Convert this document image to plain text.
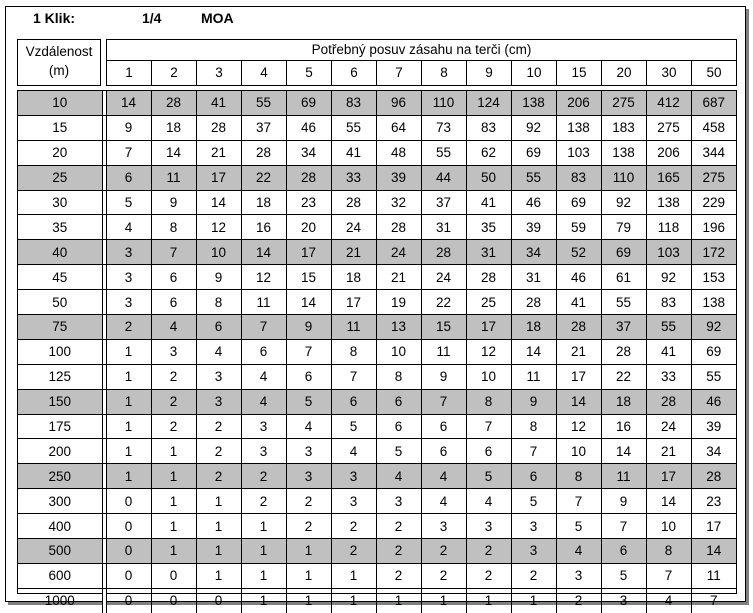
1 Klik:	1/4	MOA
Vzdálenost
(m)
Potřebný posuv zásahu na terči (cm)
1	2	3	4	5	6	7	8	9	10	15	20	30	50
10		14	28	41	55	69	83	96	110	124	138	206	275	412	687
15		9	18	28	37	46	55	64	73	83	92	138	183	275	458
20		7	14	21	28	34	41	48	55	62	69	103	138	206	344
25		6	11	17	22	28	33	39	44	50	55	83	110	165	275
30		5	9	14	18	23	28	32	37	41	46	69	92	138	229
35		4	8	12	16	20	24	28	31	35	39	59	79	118	196
40		3	7	10	14	17	21	24	28	31	34	52	69	103	172
45		3	6	9	12	15	18	21	24	28	31	46	61	92	153
50		3	6	8	11	14	17	19	22	25	28	41	55	83	138
75		2	4	6	7	9	11	13	15	17	18	28	37	55	92
100		1	3	4	6	7	8	10	11	12	14	21	28	41	69
125		1	2	3	4	6	7	8	9	10	11	17	22	33	55
150		1	2	3	4	5	6	6	7	8	9	14	18	28	46
175		1	2	2	3	4	5	6	6	7	8	12	16	24	39
200		1	1	2	3	3	4	5	6	6	7	10	14	21	34
250		1	1	2	2	3	3	4	4	5	6	8	11	17	28
300		0	1	1	2	2	3	3	4	4	5	7	9	14	23
400		0	1	1	1	2	2	2	3	3	3	5	7	10	17
500		0	1	1	1	1	2	2	2	2	3	4	6	8	14
600		0	0	1	1	1	1	2	2	2	2	3	5	7	11
1000		0	0	0	1	1	1	1	1	1	1	2	3	4	7
